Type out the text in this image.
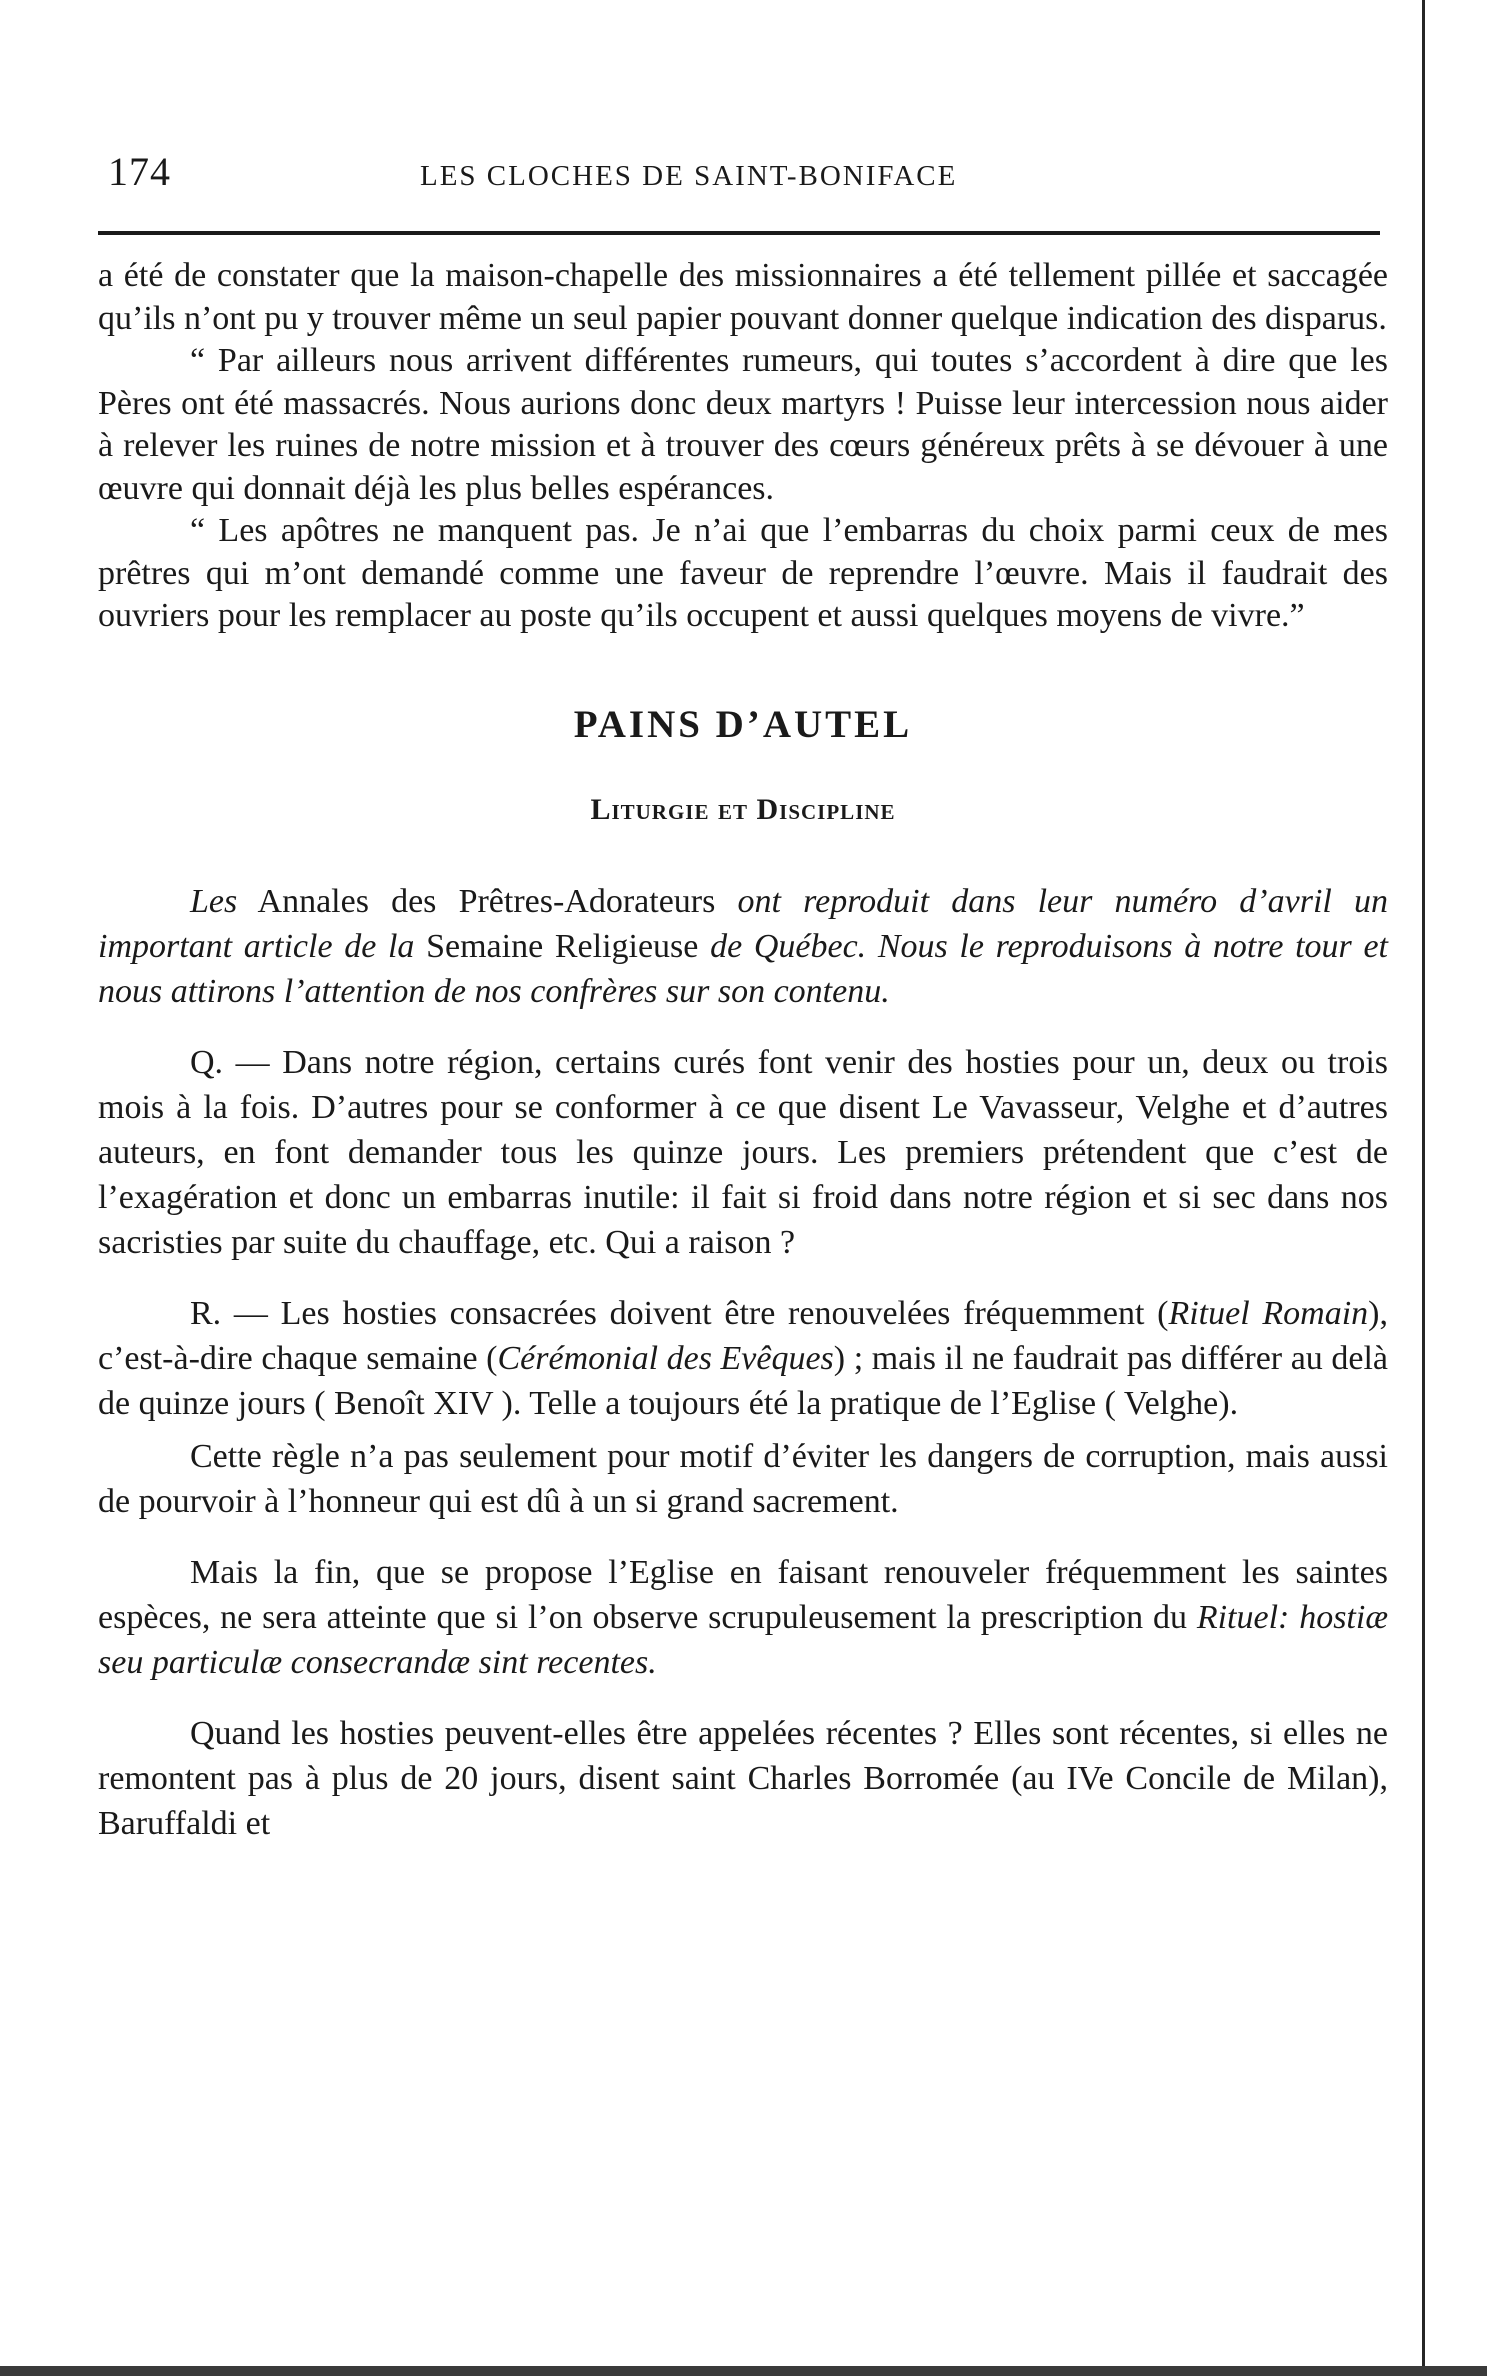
174	LES CLOCHES DE SAINT-BONIFACE

a été de constater que la maison-chapelle des missionnaires a été tellement pillée et saccagée qu’ils n’ont pu y trouver même un seul papier pouvant donner quelque indication des disparus.

“ Par ailleurs nous arrivent différentes rumeurs, qui toutes s’accordent à dire que les Pères ont été massacrés. Nous aurions donc deux martyrs ! Puisse leur intercession nous aider à relever les ruines de notre mission et à trouver des cœurs généreux prêts à se dévouer à une œuvre qui donnait déjà les plus belles espérances.

“ Les apôtres ne manquent pas. Je n’ai que l’embarras du choix parmi ceux de mes prêtres qui m’ont demandé comme une faveur de reprendre l’œuvre. Mais il faudrait des ouvriers pour les remplacer au poste qu’ils occupent et aussi quelques moyens de vivre.”

PAINS D’AUTEL
Liturgie et Discipline

Les Annales des Prêtres-Adorateurs ont reproduit dans leur numéro d’avril un important article de la Semaine Religieuse de Québec. Nous le reproduisons à notre tour et nous attirons l’attention de nos confrères sur son contenu.

Q. — Dans notre région, certains curés font venir des hosties pour un, deux ou trois mois à la fois. D’autres pour se conformer à ce que disent Le Vavasseur, Velghe et d’autres auteurs, en font demander tous les quinze jours. Les premiers prétendent que c’est de l’exagération et donc un embarras inutile: il fait si froid dans notre région et si sec dans nos sacristies par suite du chauffage, etc. Qui a raison ?

R. — Les hosties consacrées doivent être renouvelées fréquemment (Rituel Romain), c’est-à-dire chaque semaine (Cérémonial des Evêques) ; mais il ne faudrait pas différer au delà de quinze jours ( Benoît XIV ). Telle a toujours été la pratique de l’Eglise ( Velghe).

Cette règle n’a pas seulement pour motif d’éviter les dangers de corruption, mais aussi de pourvoir à l’honneur qui est dû à un si grand sacrement.

Mais la fin, que se propose l’Eglise en faisant renouveler fréquemment les saintes espèces, ne sera atteinte que si l’on observe scrupuleusement la prescription du Rituel: hostiæ seu particulæ consecrandæ sint recentes.

Quand les hosties peuvent-elles être appelées récentes ? Elles sont récentes, si elles ne remontent pas à plus de 20 jours, disent saint Charles Borromée (au IVe Concile de Milan), Baruffaldi et
